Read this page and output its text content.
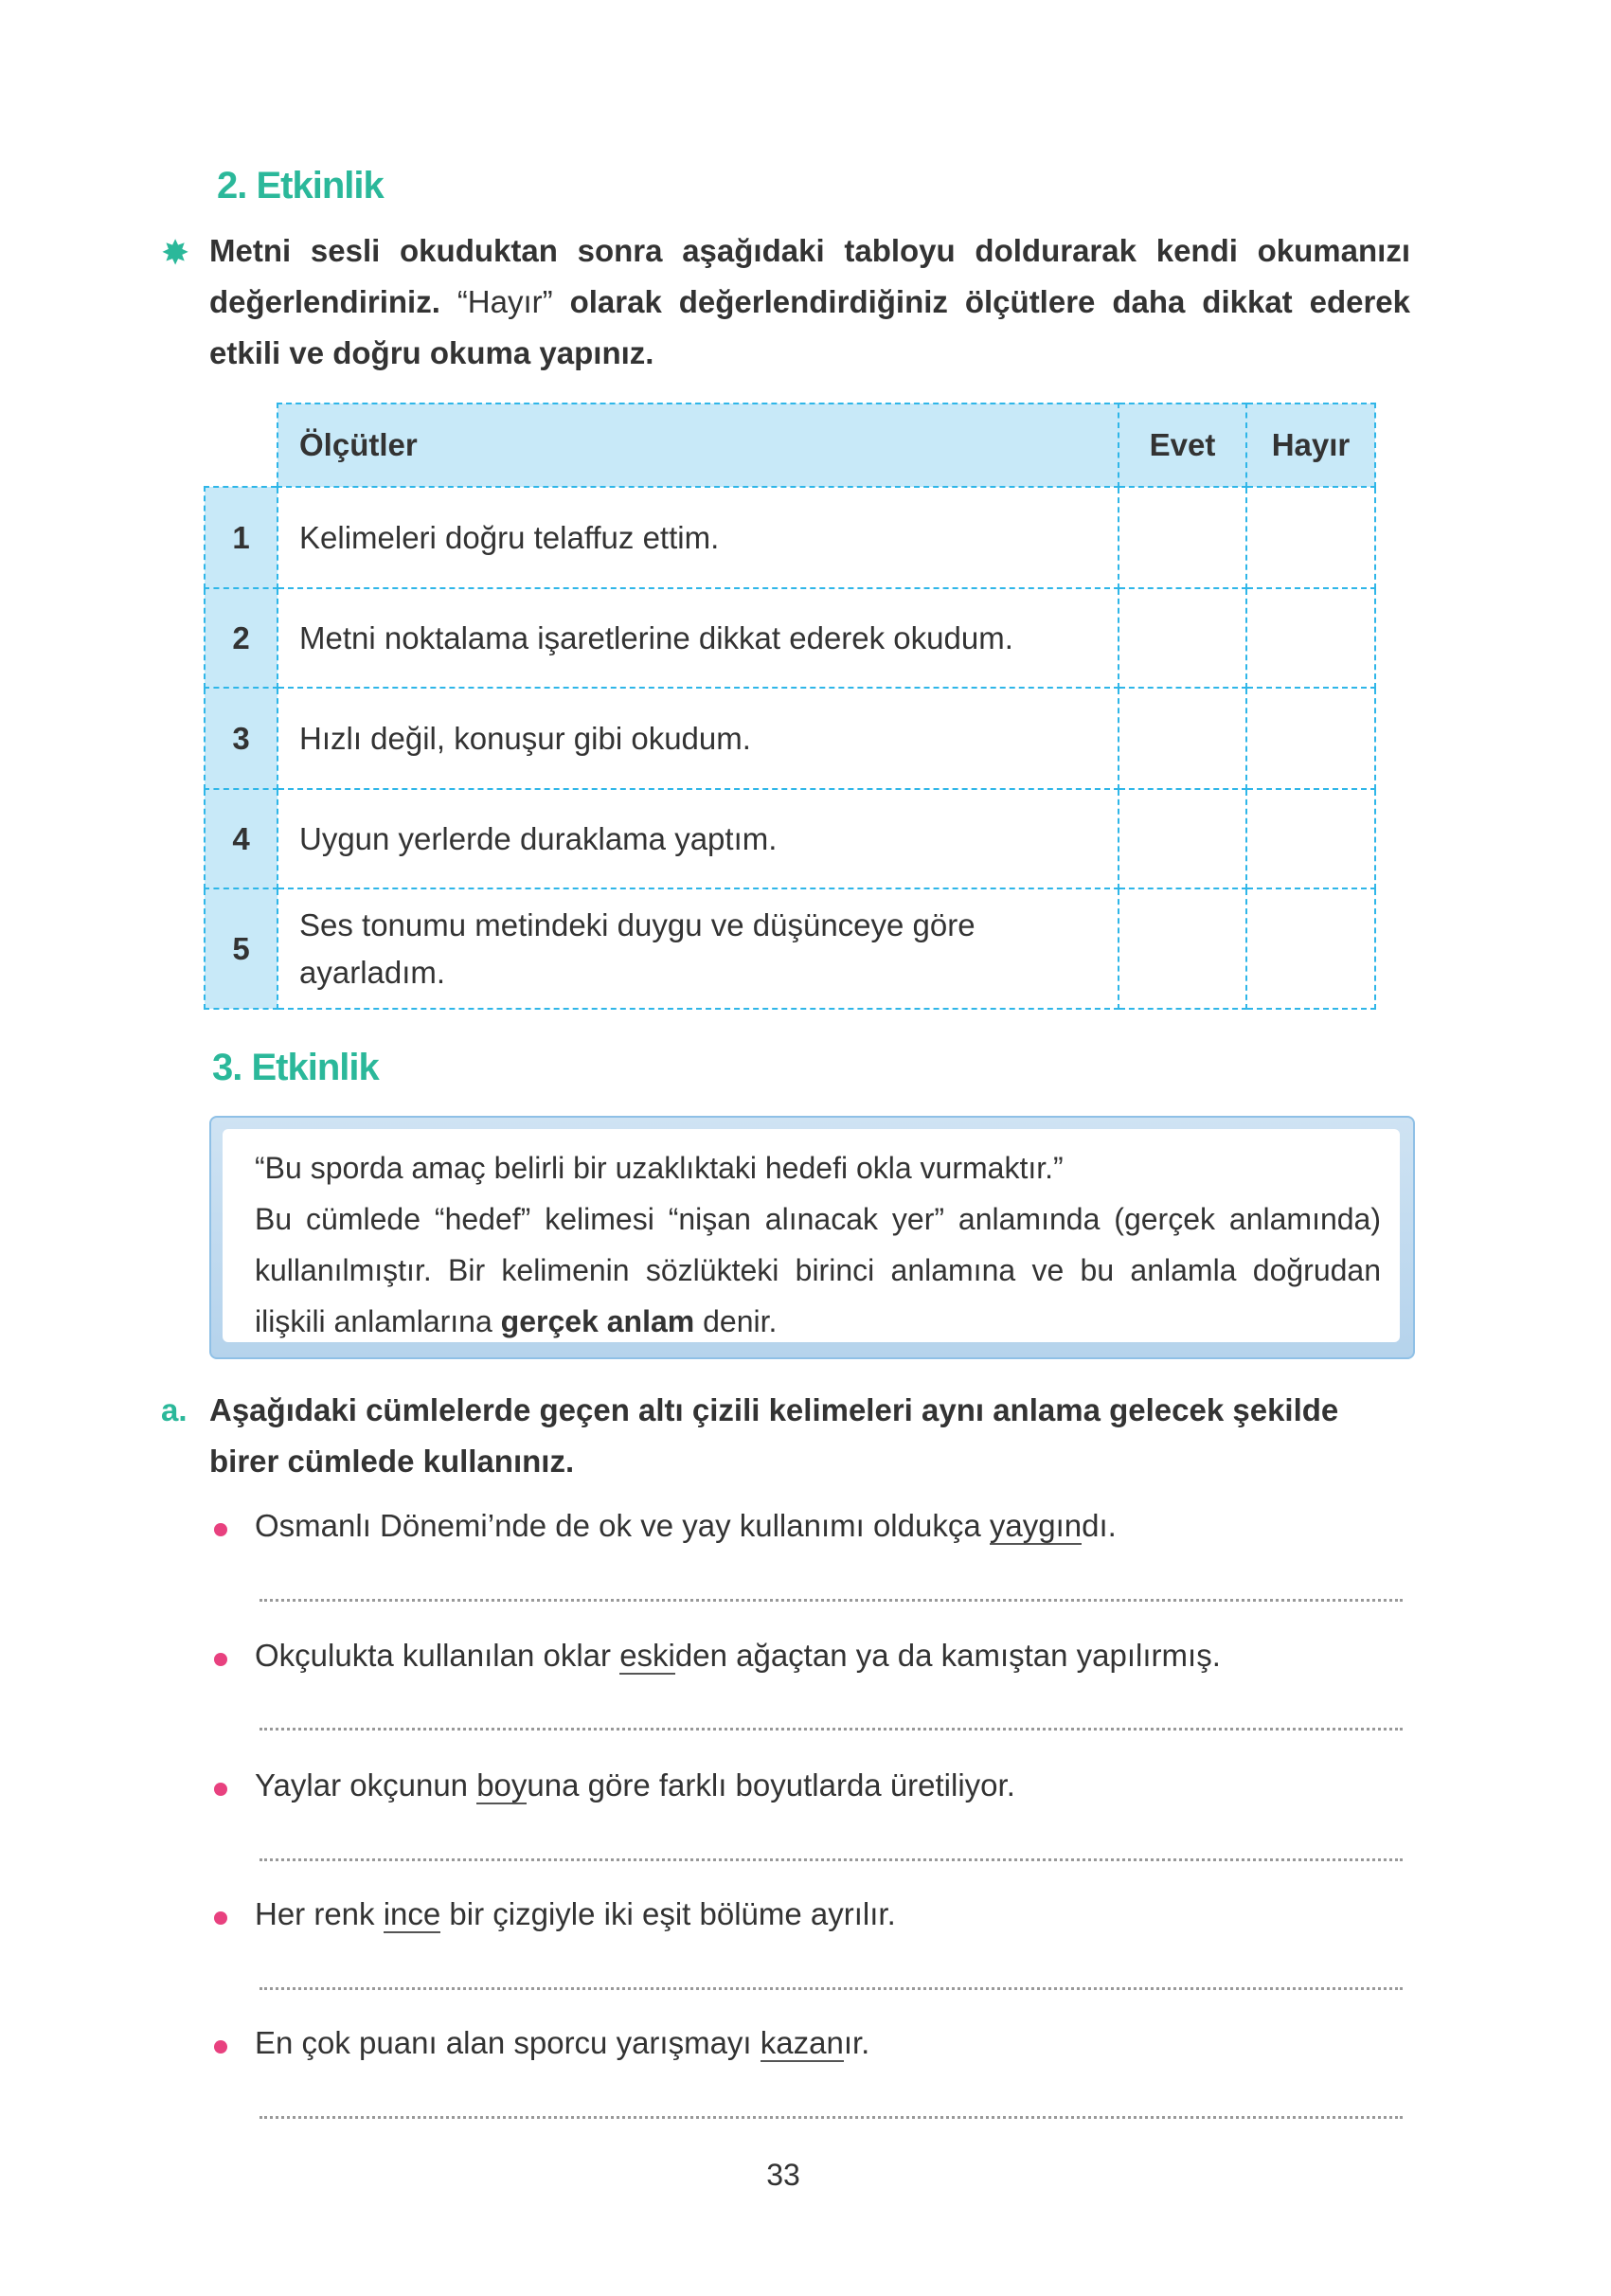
2. Etkinlik
✸ Metni sesli okuduktan sonra aşağıdaki tabloyu doldurarak kendi okumanızı değerlendiriniz. “Hayır” olarak değerlendirdiğiniz ölçütlere daha dikkat ederek etkili ve doğru okuma yapınız.
	Ölçütler	Evet	Hayır
1	Kelimeleri doğru telaffuz ettim.		
2	Metni noktalama işaretlerine dikkat ederek okudum.		
3	Hızlı değil, konuşur gibi okudum.		
4	Uygun yerlerde duraklama yaptım.		
5	Ses tonumu metindeki duygu ve düşünceye göre ayarladım.		
3. Etkinlik
“Bu sporda amaç belirli bir uzaklıktaki hedefi okla vurmaktır.”
Bu cümlede “hedef” kelimesi “nişan alınacak yer” anlamında (gerçek anlamında) kullanılmıştır. Bir kelimenin sözlükteki birinci anlamına ve bu anlamla doğrudan ilişkili anlamlarına gerçek anlam denir.
a. Aşağıdaki cümlelerde geçen altı çizili kelimeleri aynı anlama gelecek şekilde birer cümlede kullanınız.
Osmanlı Dönemi’nde de ok ve yay kullanımı oldukça yaygındı.
Okçulukta kullanılan oklar eskiden ağaçtan ya da kamıştan yapılırmış.
Yaylar okçunun boyuna göre farklı boyutlarda üretiliyor.
Her renk ince bir çizgiyle iki eşit bölüme ayrılır.
En çok puanı alan sporcu yarışmayı kazanır.
33
